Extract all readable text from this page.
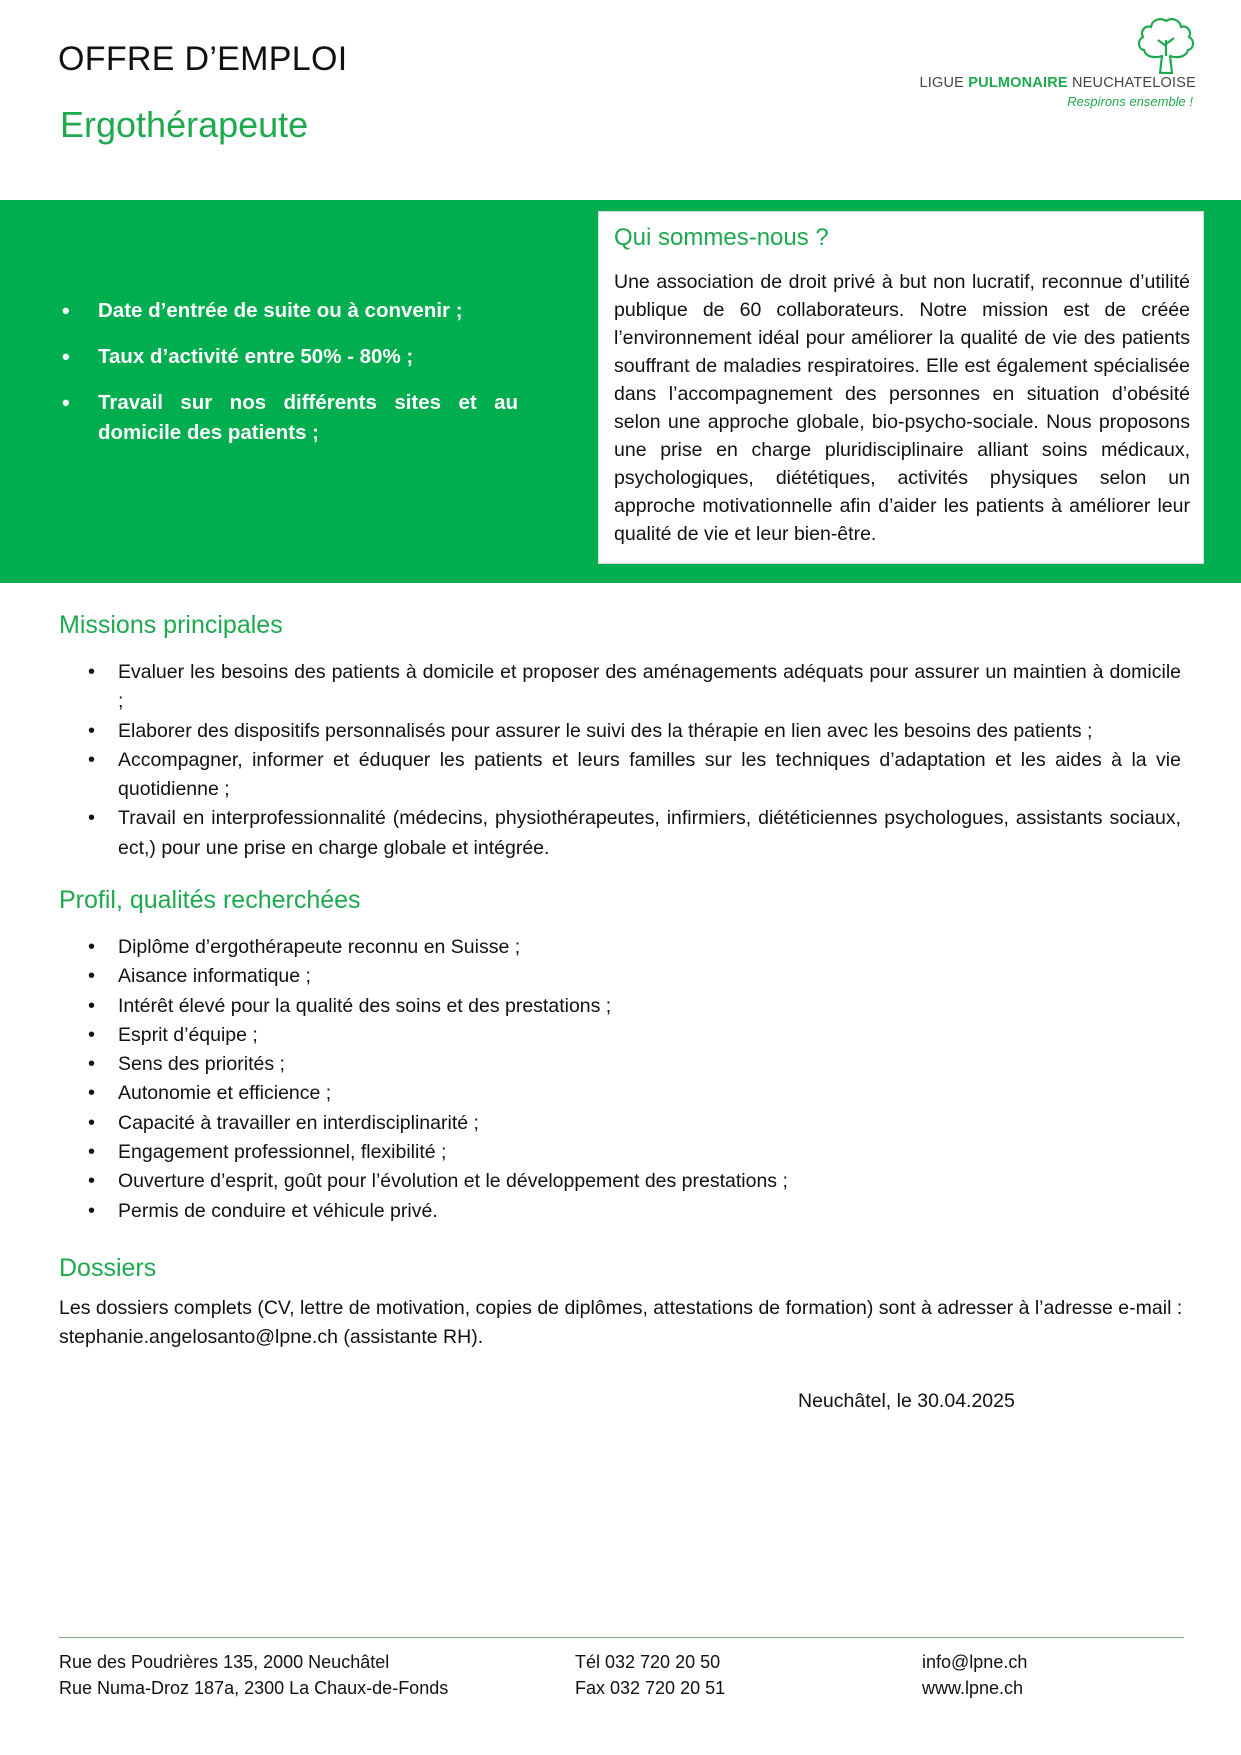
OFFRE D’EMPLOI
Ergothérapeute
LIGUE PULMONAIRE NEUCHATELOISE
Respirons ensemble !
• Date d’entrée de suite ou à convenir ;
• Taux d’activité entre 50% - 80% ;
• Travail sur nos différents sites et au domicile des patients ;
Qui sommes-nous ?

Une association de droit privé à but non lucratif, reconnue d’utilité publique de 60 collaborateurs. Notre mission est de créée l’environnement idéal pour améliorer la qualité de vie des patients souffrant de maladies respiratoires. Elle est également spécialisée dans l’accompagnement des personnes en situation d’obésité selon une approche globale, bio-psycho-sociale. Nous proposons une prise en charge pluridisciplinaire alliant soins médicaux, psychologiques, diététiques, activités physiques selon un approche motivationnelle afin d’aider les patients à améliorer leur qualité de vie et leur bien-être.

Missions principales
• Evaluer les besoins des patients à domicile et proposer des aménagements adéquats pour assurer un maintien à domicile ;
• Elaborer des dispositifs personnalisés pour assurer le suivi des la thérapie en lien avec les besoins des patients ;
• Accompagner, informer et éduquer les patients et leurs familles sur les techniques d’adaptation et les aides à la vie quotidienne ;
• Travail en interprofessionnalité (médecins, physiothérapeutes, infirmiers, diététiciennes psychologues, assistants sociaux, ect,) pour une prise en charge globale et intégrée.
Profil, qualités recherchées
• Diplôme d’ergothérapeute reconnu en Suisse ;
• Aisance informatique ;
• Intérêt élevé pour la qualité des soins et des prestations ;
• Esprit d’équipe ;
• Sens des priorités ;
• Autonomie et efficience ;
• Capacité à travailler en interdisciplinarité ;
• Engagement professionnel, flexibilité ;
• Ouverture d’esprit, goût pour l’évolution et le développement des prestations ;
• Permis de conduire et véhicule privé.
Dossiers

Les dossiers complets (CV, lettre de motivation, copies de diplômes, attestations de formation) sont à adresser à l’adresse e-mail : stephanie.angelosanto@lpne.ch (assistante RH).

Neuchâtel, le 30.04.2025
Rue des Poudrières 135, 2000 Neuchâtel
Rue Numa-Droz 187a, 2300 La Chaux-de-Fonds
Tél 032 720 20 50
Fax 032 720 20 51
info@lpne.ch
www.lpne.ch
